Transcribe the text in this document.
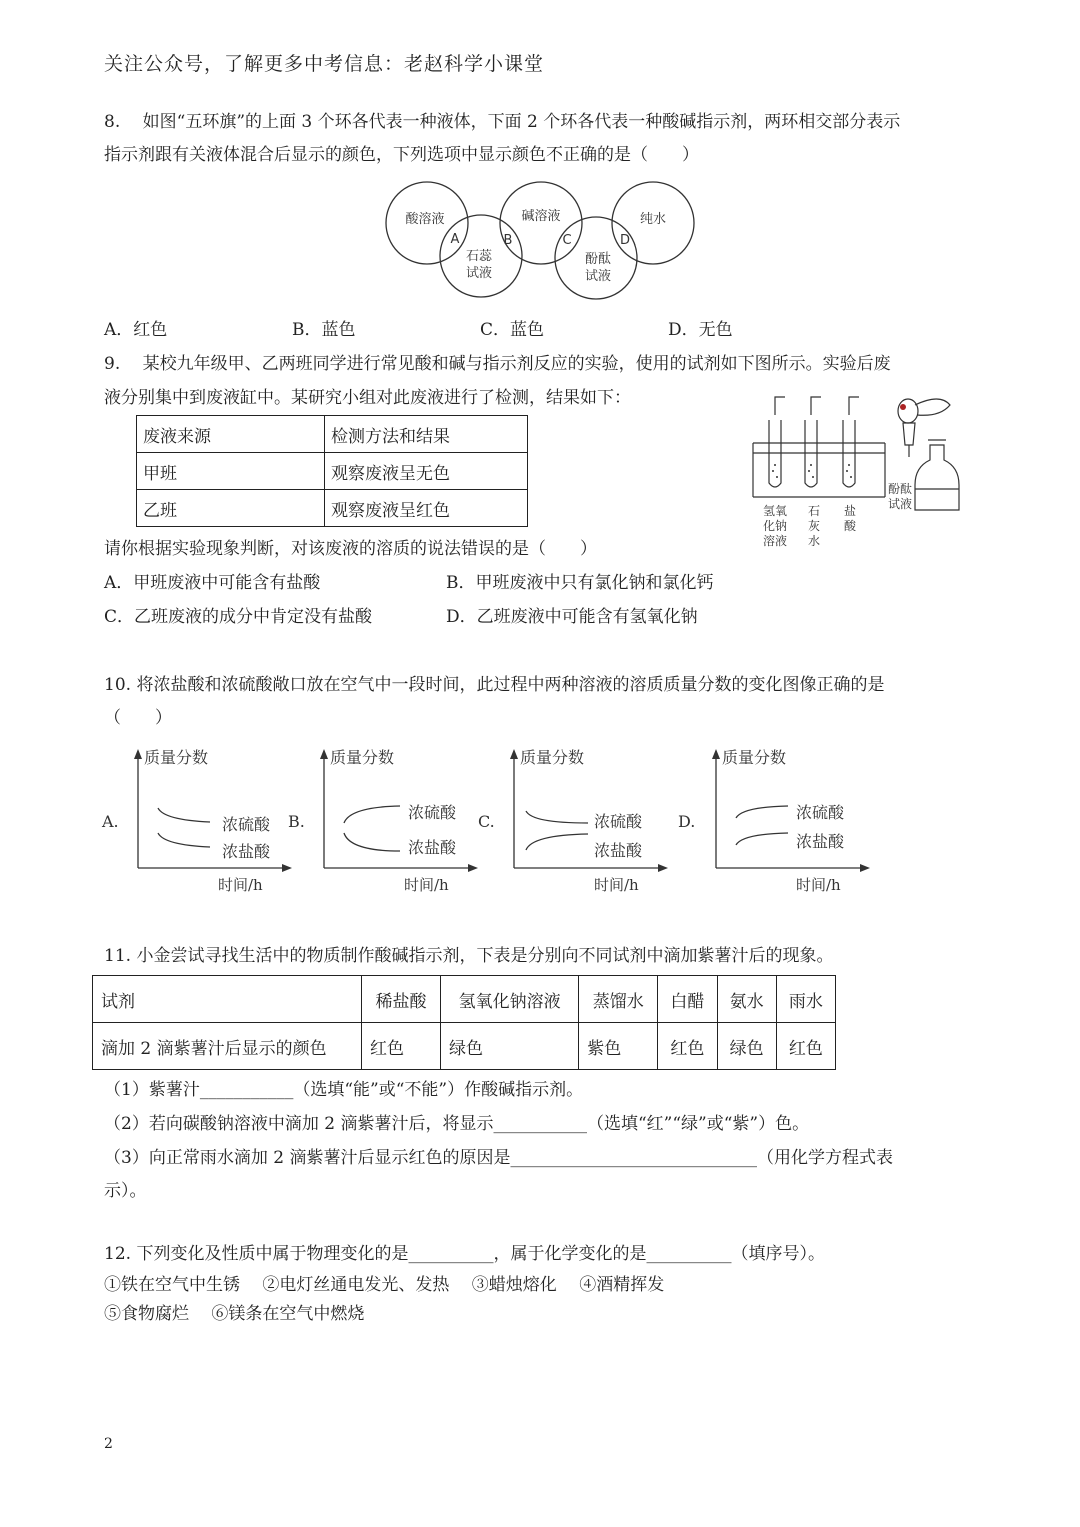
关注公众号，了解更多中考信息：老赵科学小课堂
8.　 如图“五环旗”的上面 3 个环各代表一种液体，下面 2 个环各代表一种酸碱指示剂，两环相交部分表示
指示剂跟有关液体混合后显示的颜色，下列选项中显示颜色不正确的是（　　）
酸溶液	碱溶液	纯水
石蕊
试液
酚酞
试液
A	B	C	D
A．红色	B．蓝色	C．蓝色	D．无色
9.　 某校九年级甲、乙两班同学进行常见酸和碱与指示剂反应的实验，使用的试剂如下图所示。实验后废
液分别集中到废液缸中。某研究小组对此废液进行了检测，结果如下：
废液来源	检测方法和结果
甲班	观察废液呈无色
乙班	观察废液呈红色	氢氧
化钠
溶液
石
灰
水
盐
酸
酚酞
试液
请你根据实验现象判断，对该废液的溶质的说法错误的是（　　）
A．甲班废液中可能含有盐酸	B．甲班废液中只有氯化钠和氯化钙
C．乙班废液的成分中肯定没有盐酸	D．乙班废液中可能含有氢氧化钠
10. 将浓盐酸和浓硫酸敞口放在空气中一段时间，此过程中两种溶液的溶质质量分数的变化图像正确的是
（　　）
质量分数
时间/h
浓硫酸
浓盐酸
A.
质量分数
时间/h
浓硫酸
浓盐酸
B.
质量分数
时间/h
浓硫酸
浓盐酸
C.
质量分数
时间/h
浓硫酸
浓盐酸
D.
11. 小金尝试寻找生活中的物质制作酸碱指示剂，下表是分别向不同试剂中滴加紫薯汁后的现象。
试剂	稀盐酸	氢氧化钠溶液	蒸馏水	白醋	氨水	雨水
滴加 2 滴紫薯汁后显示的颜色	红色	绿色	紫色	红色	绿色	红色
（1）紫薯汁___________（选填“能”或“不能”）作酸碱指示剂。
（2）若向碳酸钠溶液中滴加 2 滴紫薯汁后，将显示___________（选填“红”“绿”或“紫”）色。
（3）向正常雨水滴加 2 滴紫薯汁后显示红色的原因是_____________________________（用化学方程式表
示）。
12. 下列变化及性质中属于物理变化的是__________，属于化学变化的是__________（填序号）。
①铁在空气中生锈　 ②电灯丝通电发光、发热　 ③蜡烛熔化　 ④酒精挥发
⑤食物腐烂　 ⑥镁条在空气中燃烧
2
